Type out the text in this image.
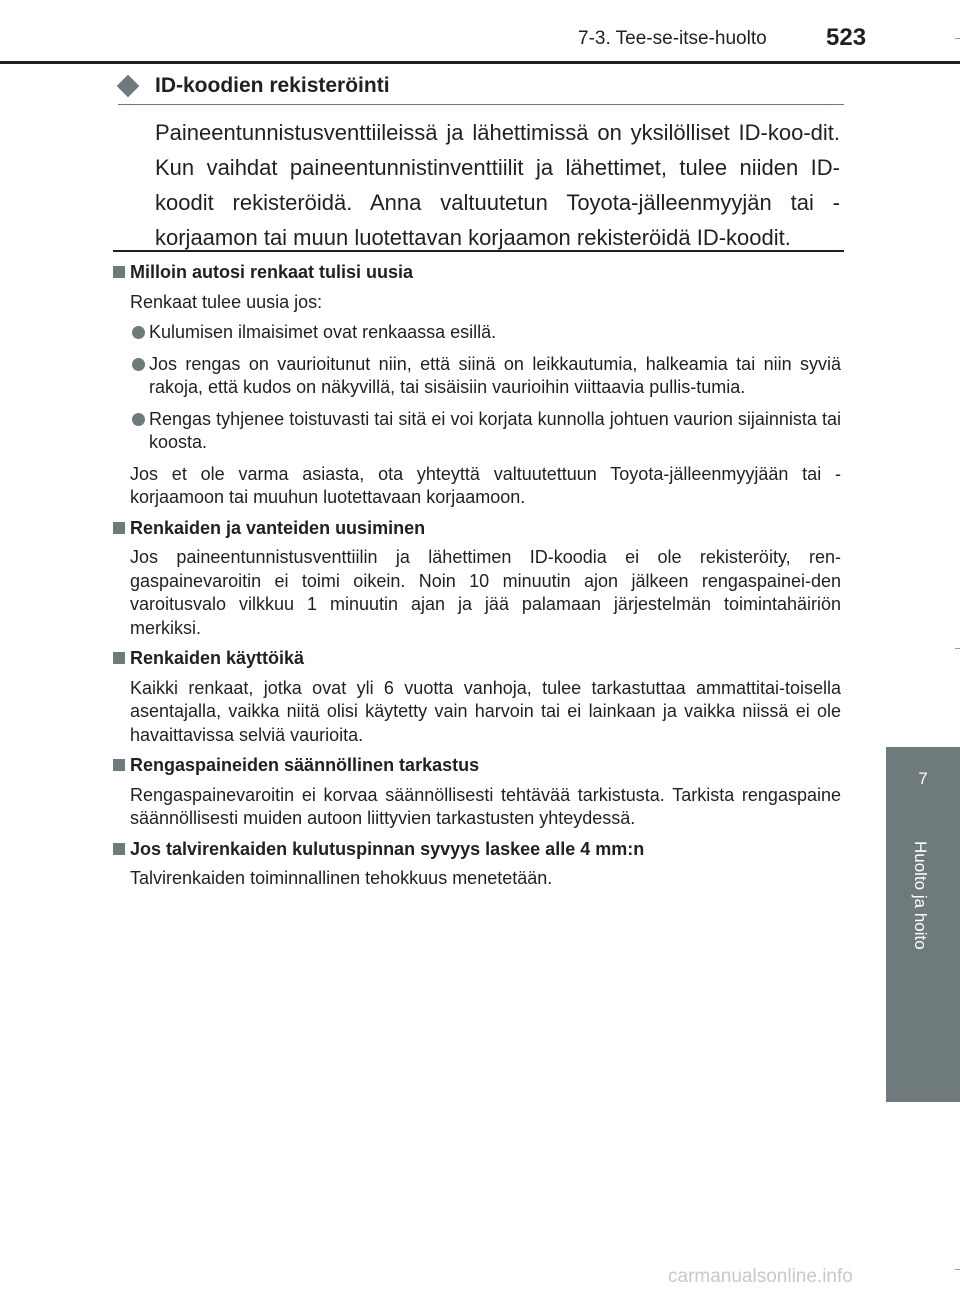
7-3. Tee-se-itse-huolto 523
7
Huolto ja hoito
ID-koodien rekisteröinti
Paineentunnistusventtiileissä ja lähettimissä on yksilölliset ID-koo-dit. Kun vaihdat paineentunnistinventtiilit ja lähettimet, tulee niiden ID-koodit rekisteröidä. Anna valtuutetun Toyota-jälleenmyyjän tai -korjaamon tai muun luotettavan korjaamon rekisteröidä ID-koodit.
Milloin autosi renkaat tulisi uusia
Renkaat tulee uusia jos:
Kulumisen ilmaisimet ovat renkaassa esillä.
Jos rengas on vaurioitunut niin, että siinä on leikkautumia, halkeamia tai niin syviä rakoja, että kudos on näkyvillä, tai sisäisiin vaurioihin viittaavia pullis-tumia.
Rengas tyhjenee toistuvasti tai sitä ei voi korjata kunnolla johtuen vaurion sijainnista tai koosta.
Jos et ole varma asiasta, ota yhteyttä valtuutettuun Toyota-jälleenmyyjään tai -korjaamoon tai muuhun luotettavaan korjaamoon.
Renkaiden ja vanteiden uusiminen
Jos paineentunnistusventtiilin ja lähettimen ID-koodia ei ole rekisteröity, ren-gaspainevaroitin ei toimi oikein. Noin 10 minuutin ajon jälkeen rengaspainei-den varoitusvalo vilkkuu 1 minuutin ajan ja jää palamaan järjestelmän toimintahäiriön merkiksi.
Renkaiden käyttöikä
Kaikki renkaat, jotka ovat yli 6 vuotta vanhoja, tulee tarkastuttaa ammattitai-toisella asentajalla, vaikka niitä olisi käytetty vain harvoin tai ei lainkaan ja vaikka niissä ei ole havaittavissa selviä vaurioita.
Rengaspaineiden säännöllinen tarkastus
Rengaspainevaroitin ei korvaa säännöllisesti tehtävää tarkistusta. Tarkista rengaspaine säännöllisesti muiden autoon liittyvien tarkastusten yhteydessä.
Jos talvirenkaiden kulutuspinnan syvyys laskee alle 4 mm:n
Talvirenkaiden toiminnallinen tehokkuus menetetään.
carmanualsonline.info
